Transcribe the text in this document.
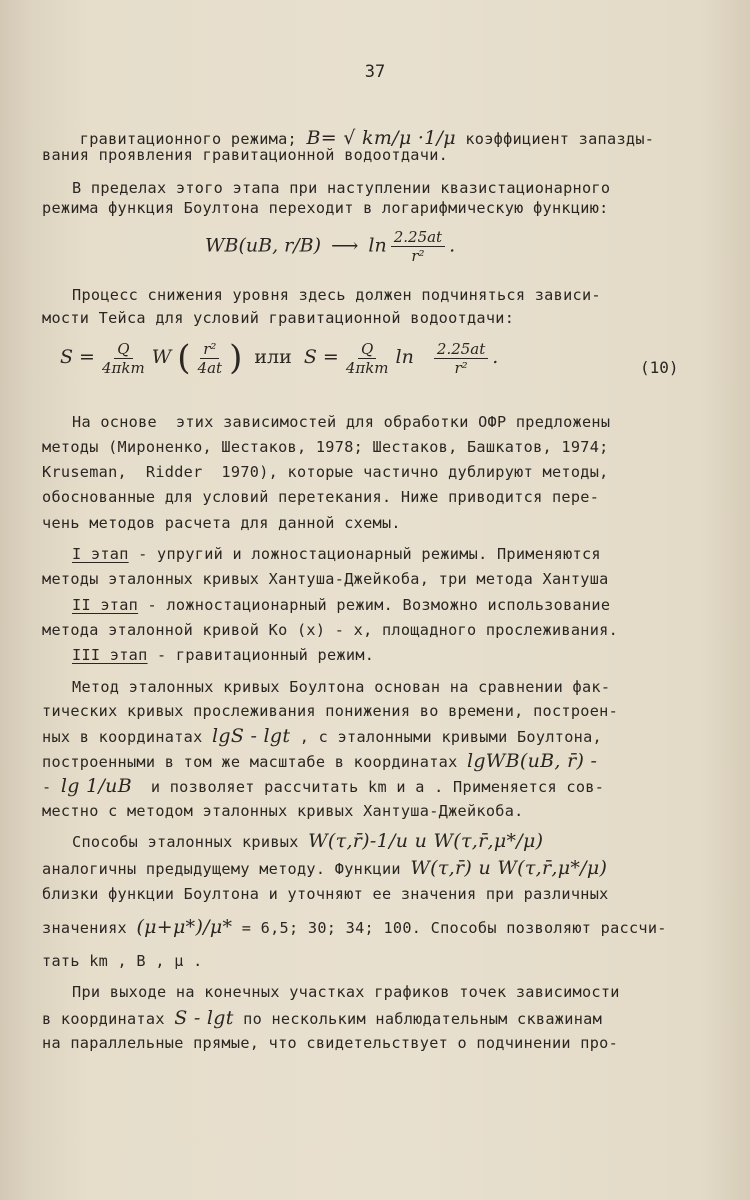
37

гравитационного режима; B= √ km/μ ·1/μ коэффициент запазды-

вания проявления гравитационной водоотдачи.
В пределах этого этапа при наступлении квазистационарного
режима функция Боултона переходит в логарифмическую функцию:
WB(uB, r/B) ⟶ $\ln \frac{2.25at}{\text{r²}}$ .
Процесс снижения уровня здесь должен подчиняться зависи-
мости Тейса для условий гравитационной водоотдачи:
$S = \frac{Q}{\text{4πkm}}$ W ( $\frac{\text{r²}}{4at}$ ) или $S = \frac{Q}{\text{4πkm}}$ $\ln \frac{2.25at}{\text{r²}}$ .	(10)
На основе  этих зависимостей для обработки ОФР предложены
методы (Мироненко, Шестаков, 1978; Шестаков, Башкатов, 1974;
Kruseman,  Ridder  1970), которые частично дублируют методы,
обоснованные для условий перетекания. Ниже приводится пере-
чень методов расчета для данной схемы.
I этап - упругий и ложностационарный режимы. Применяются
методы эталонных кривых Хантуша-Джейкоба, три метода Хантуша
II этап - ложностационарный режим. Возможно использование
метода эталонной кривой Ko (x) - x, площадного прослеживания.
III этап - гравитационный режим.
Метод эталонных кривых Боултона основан на сравнении фак-
тических кривых прослеживания понижения во времени, построен-
ных в координатах lgS - lgt , с эталонными кривыми Боултона,
построенными в том же масштабе в координатах lgWB(uB, r̄) -
- lg 1/uB  и позволяет рассчитать km и a . Применяется сов-
местно с методом эталонных кривых Хантуша-Джейкоба.
Способы эталонных кривых W(τ,r̄)-1/u и W(τ,r̄,μ*/μ)
аналогичны предыдущему методу. Функции W(τ,r̄) и W(τ,r̄,μ*/μ)
близки функции Боултона и уточняют ее значения при различных
значениях (μ+μ*)/μ* = 6,5; 30; 34; 100. Способы позволяют рассчи-
тать km , B , μ .
При выходе на конечных участках графиков точек зависимости
в координатах S - lgt по нескольким наблюдательным скважинам
на параллельные прямые, что свидетельствует о подчинении про-
